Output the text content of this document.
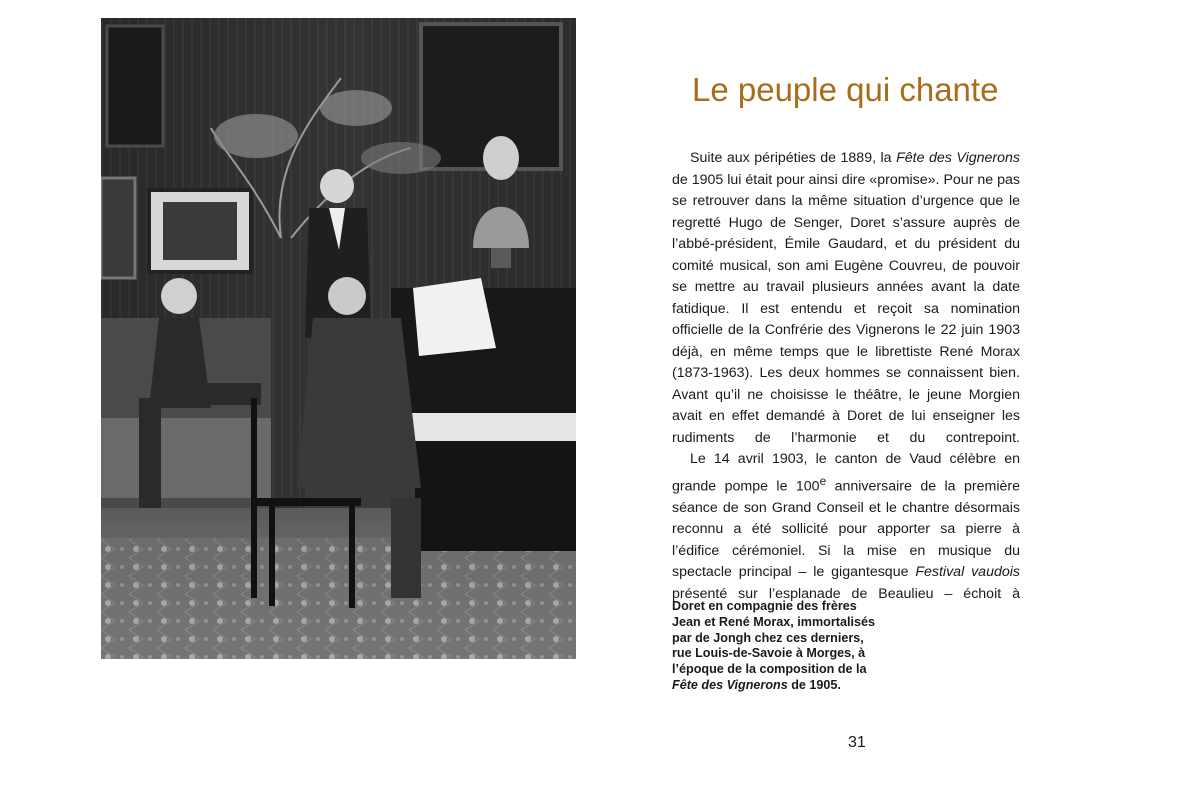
Le peuple qui chante

Suite aux péripéties de 1889, la Fête des Vignerons de 1905 lui était pour ainsi dire «promise». Pour ne pas se retrouver dans la même situation d’urgence que le regretté Hugo de Senger, Doret s’assure auprès de l’abbé-président, Émile Gaudard, et du président du comité musical, son ami Eugène Couvreu, de pouvoir se mettre au travail plusieurs années avant la date fatidique. Il est entendu et reçoit sa nomination officielle de la Confrérie des Vignerons le 22 juin 1903 déjà, en même temps que le librettiste René Morax (1873-1963). Les deux hommes se connaissent bien. Avant qu’il ne choisisse le théâtre, le jeune Morgien avait en effet demandé à Doret de lui enseigner les rudiments de l’harmonie et du contrepoint.

Le 14 avril 1903, le canton de Vaud célèbre en grande pompe le 100e anniversaire de la première séance de son Grand Conseil et le chantre désormais reconnu a été sollicité pour apporter sa pierre à l’édifice cérémoniel. Si la mise en musique du spectacle principal – le gigantesque Festival vaudois présenté sur l’esplanade de Beaulieu – échoit à

Doret en compagnie des frères Jean et René Morax, immortalisés par de Jongh chez ces derniers, rue Louis-de-Savoie à Morges, à l’époque de la composition de la Fête des Vignerons de 1905.
31
